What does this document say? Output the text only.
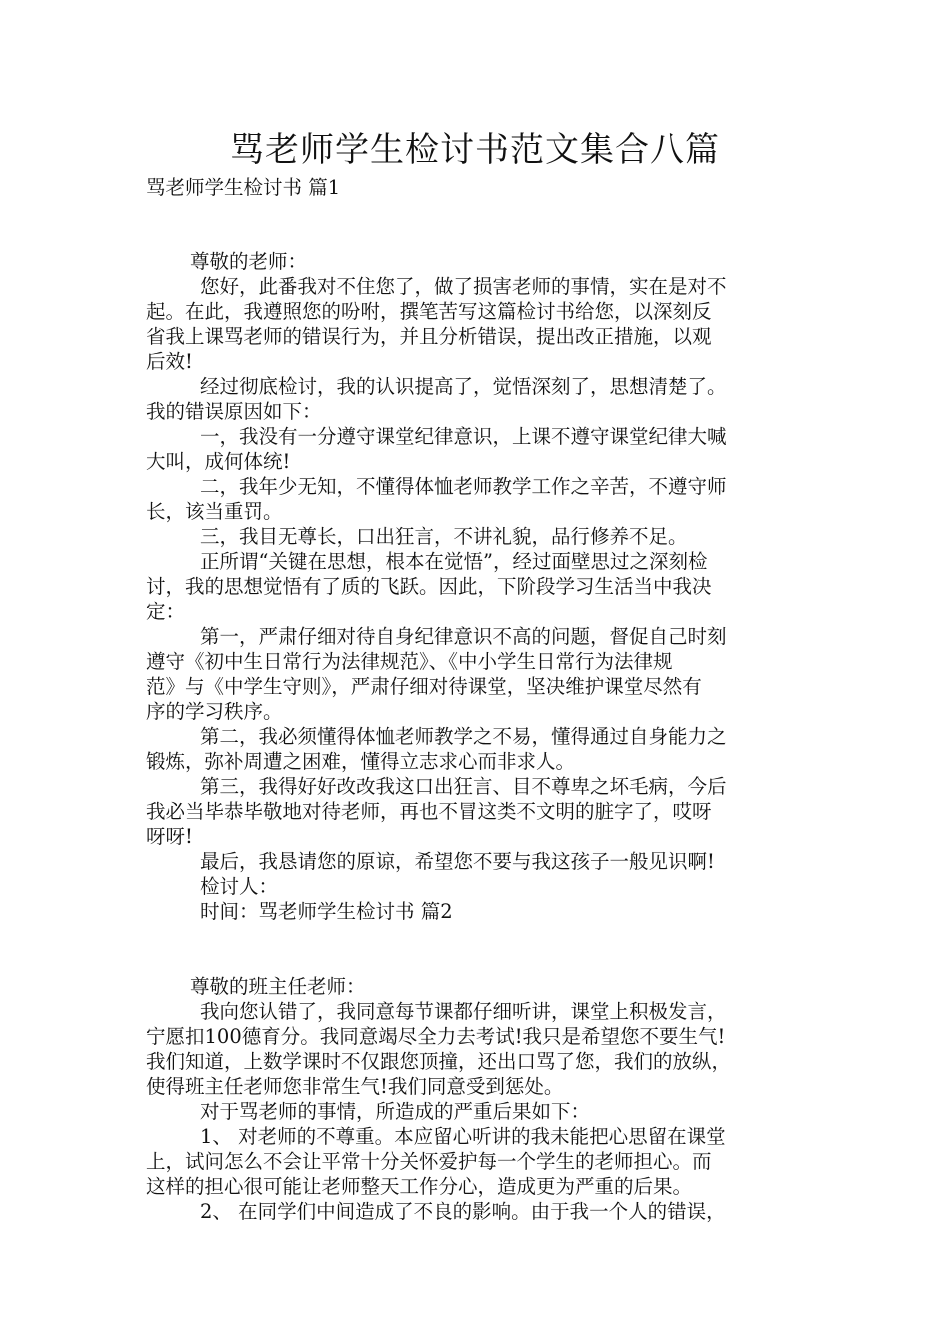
骂老师学生检讨书范文集合八篇
骂老师学生检讨书 篇1
尊敬的老师：
您好，此番我对不住您了，做了损害老师的事情，实在是对不
起。在此，我遵照您的吩咐，撰笔苦写这篇检讨书给您，以深刻反
省我上课骂老师的错误行为，并且分析错误，提出改正措施，以观
后效!
经过彻底检讨，我的认识提高了，觉悟深刻了，思想清楚了。
我的错误原因如下：
一，我没有一分遵守课堂纪律意识，上课不遵守课堂纪律大喊
大叫，成何体统!
二，我年少无知，不懂得体恤老师教学工作之辛苦，不遵守师
长，该当重罚。
三，我目无尊长，口出狂言，不讲礼貌，品行修养不足。
正所谓“关键在思想，根本在觉悟”，经过面壁思过之深刻检
讨，我的思想觉悟有了质的飞跃。因此，下阶段学习生活当中我决
定：
第一，严肃仔细对待自身纪律意识不高的问题，督促自己时刻
遵守《初中生日常行为法律规范》、《中小学生日常行为法律规
范》与《中学生守则》，严肃仔细对待课堂，坚决维护课堂尽然有
序的学习秩序。
第二，我必须懂得体恤老师教学之不易，懂得通过自身能力之
锻炼，弥补周遭之困难，懂得立志求心而非求人。
第三，我得好好改改我这口出狂言、目不尊卑之坏毛病，今后
我必当毕恭毕敬地对待老师，再也不冒这类不文明的脏字了，哎呀
呀呀!
最后，我恳请您的原谅，希望您不要与我这孩子一般见识啊!
检讨人：
时间：骂老师学生检讨书 篇2
尊敬的班主任老师：
我向您认错了，我同意每节课都仔细听讲，课堂上积极发言，
宁愿扣100德育分。我同意竭尽全力去考试!我只是希望您不要生气!
我们知道，上数学课时不仅跟您顶撞，还出口骂了您，我们的放纵，
使得班主任老师您非常生气!我们同意受到惩处。
对于骂老师的事情，所造成的严重后果如下：
1、 对老师的不尊重。本应留心听讲的我未能把心思留在课堂
上，试问怎么不会让平常十分关怀爱护每一个学生的老师担心。而
这样的担心很可能让老师整天工作分心，造成更为严重的后果。
2、 在同学们中间造成了不良的影响。由于我一个人的错误，
